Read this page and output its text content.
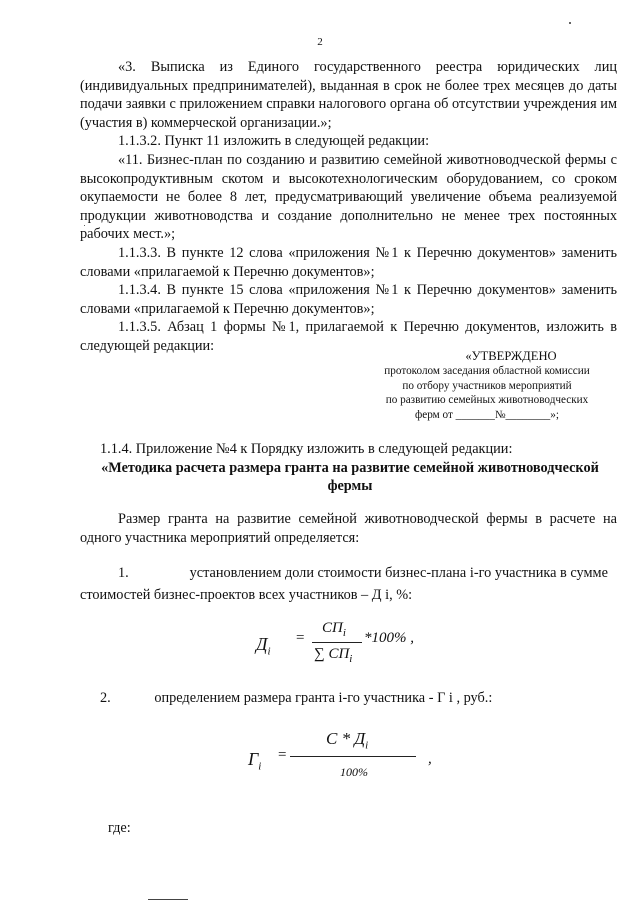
2

«3. Выписка из Единого государственного реестра юридических лиц (индивидуальных предпринимателей), выданная в срок не более трех месяцев до даты подачи заявки с приложением справки налогового органа об отсутствии учреждения им (участия в) коммерческой организации.»;

1.1.3.2. Пункт 11 изложить в следующей редакции:

«11. Бизнес-план по созданию и развитию семейной животноводческой фермы с высокопродуктивным скотом и высокотехнологическим оборудованием, со сроком окупаемости не более 8 лет, предусматривающий увеличение объема реализуемой продукции животноводства и создание дополнительно не менее трех постоянных рабочих мест.»;

1.1.3.3. В пункте 12 слова «приложения №1 к Перечню документов» заменить словами «прилагаемой к Перечню документов»;

1.1.3.4. В пункте 15 слова «приложения №1 к Перечню документов» заменить словами «прилагаемой к Перечню документов»;

1.1.3.5. Абзац 1 формы №1, прилагаемой к Перечню документов, изложить в следующей редакции:

«УТВЕРЖДЕНО
протоколом заседания областной комиссии
по отбору участников мероприятий
по развитию семейных животноводческих
ферм от _______№________»;

1.1.4. Приложение №4 к Порядку изложить в следующей редакции:

«Методика расчета размера гранта на развитие семейной животноводческой
фермы

Размер гранта на развитие семейной животноводческой фермы в расчете на одного участника мероприятий определяется:

1.	установлением доли стоимости бизнес-плана i-го участника в сумме

стоимостей бизнес-проектов всех участников – Д i, %:

$Д_i$
=
$СП_i$
∑ $СП_i$
*100% ,
2.	определением размера гранта i-го участника - Г i , руб.:
$Г_i$
=
С * $Д_i$
100%
,
где:
